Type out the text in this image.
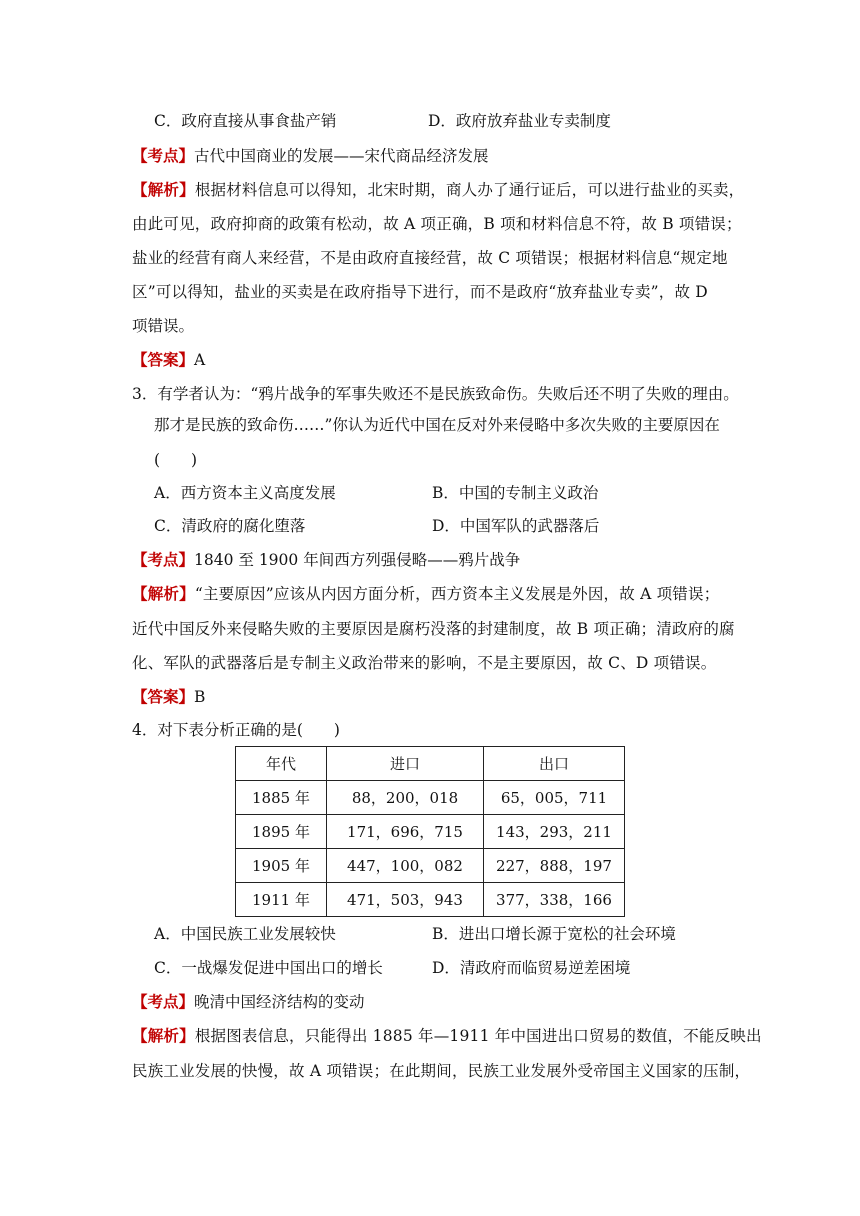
C．政府直接从事食盐产销	D．政府放弃盐业专卖制度
【考点】古代中国商业的发展——宋代商品经济发展
【解析】根据材料信息可以得知，北宋时期，商人办了通行证后，可以进行盐业的买卖，
由此可见，政府抑商的政策有松动，故 A 项正确，B 项和材料信息不符，故 B 项错误；
盐业的经营有商人来经营，不是由政府直接经营，故 C 项错误；根据材料信息“规定地
区”可以得知，盐业的买卖是在政府指导下进行，而不是政府“放弃盐业专卖”，故 D
项错误。
【答案】A
3．有学者认为：“鸦片战争的军事失败还不是民族致命伤。失败后还不明了失败的理由。
那才是民族的致命伤……”你认为近代中国在反对外来侵略中多次失败的主要原因在
(　　)
A．西方资本主义高度发展	B．中国的专制主义政治
C．清政府的腐化堕落	D．中国军队的武器落后
【考点】1840 至 1900 年间西方列强侵略——鸦片战争
【解析】“主要原因”应该从内因方面分析，西方资本主义发展是外因，故 A 项错误；
近代中国反外来侵略失败的主要原因是腐朽没落的封建制度，故 B 项正确；清政府的腐
化、军队的武器落后是专制主义政治带来的影响，不是主要原因，故 C、D 项错误。
【答案】B
4．对下表分析正确的是(　　)
年代	进口	出口
1885 年	88，200，018	65，005，711
1895 年	171，696，715	143，293，211
1905 年	447，100，082	227，888，197
1911 年	471，503，943	377，338，166
A．中国民族工业发展较快	B．进出口增长源于宽松的社会环境
C．一战爆发促进中国出口的增长	D．清政府而临贸易逆差困境
【考点】晚清中国经济结构的变动
【解析】根据图表信息，只能得出 1885 年—1911 年中国进出口贸易的数值，不能反映出
民族工业发展的快慢，故 A 项错误；在此期间，民族工业发展外受帝国主义国家的压制，
